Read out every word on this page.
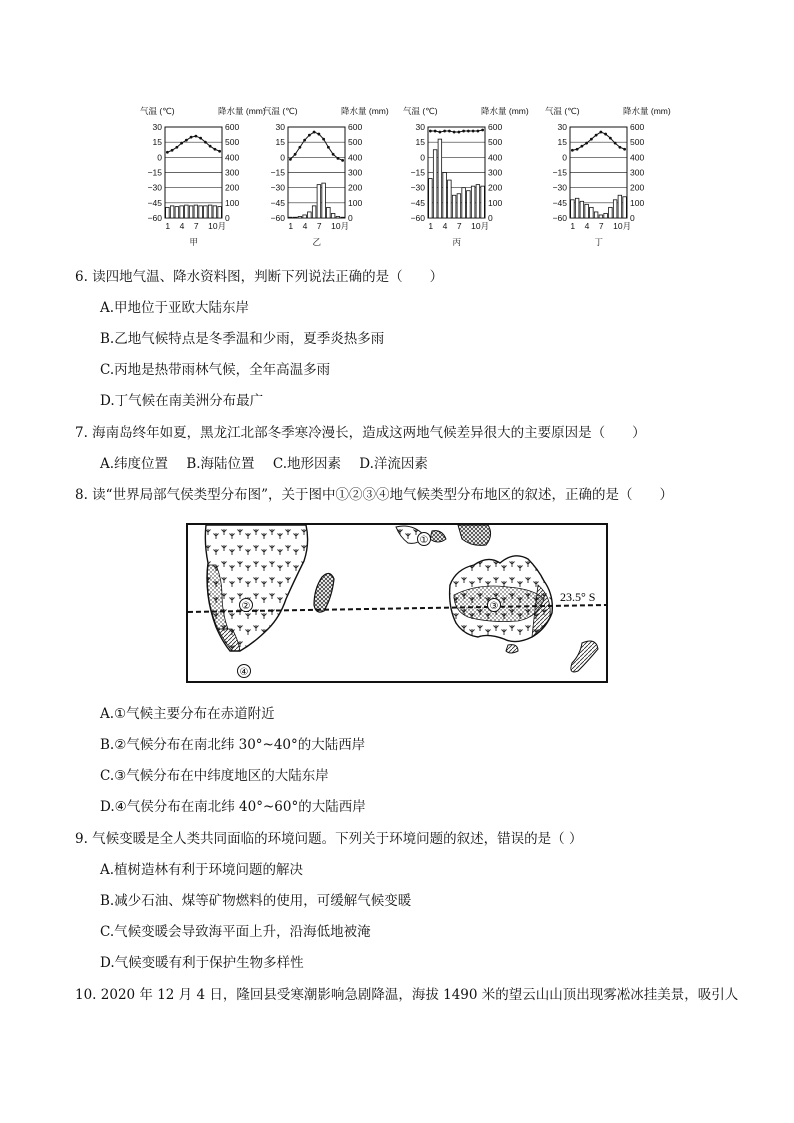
气温 (℃)	降水量 (mm)
30	600
15	500
0	400
−15	300
−30	200
−45	100
−60	0
1 4 7 10月
甲
气温 (℃)	降水量 (mm)
30	600
15	500
0	400
−15	300
−30	200
−45	100
−60	0
1 4 7 10月
乙
气温 (℃)	降水量 (mm)
30	600
15	500
0	400
−15	300
−30	200
−45	100
−60	0
1 4 7 10月
丙
气温 (℃)	降水量 (mm)
30	600
15	500
0	400
−15	300
−30	200
−45	100
−60	0
1 4 7 10月
丁
6. 读四地气温、降水资料图，判断下列说法正确的是（　　）
A.甲地位于亚欧大陆东岸
B.乙地气候特点是冬季温和少雨，夏季炎热多雨
C.丙地是热带雨林气候，全年高温多雨
D.丁气候在南美洲分布最广
7. 海南岛终年如夏，黑龙江北部冬季寒冷漫长，造成这两地气候差异很大的主要原因是（　　）
A.纬度位置 B.海陆位置 C.地形因素 D.洋流因素
8. 读“世界局部气侯类型分布图”，关于图中①②③④地气候类型分布地区的叙述，正确的是（　　）
①
②	③
④
23.5° S
A.①气候主要分布在赤道附近
B.②气候分布在南北纬 30°~40°的大陆西岸
C.③气候分布在中纬度地区的大陆东岸
D.④气侯分布在南北纬 40°~60°的大陆西岸
9. 气候变暖是全人类共同面临的环境问题。下列关于环境问题的叙述，错误的是（ ）
A.植树造林有利于环境问题的解决
B.减少石油、煤等矿物燃料的使用，可缓解气候变暖
C.气候变暖会导致海平面上升，沿海低地被淹
D.气候变暖有利于保护生物多样性
10. 2020 年 12 月 4 日，隆回县受寒潮影响急剧降温，海拔 1490 米的望云山山顶出现雾凇冰挂美景，吸引人
